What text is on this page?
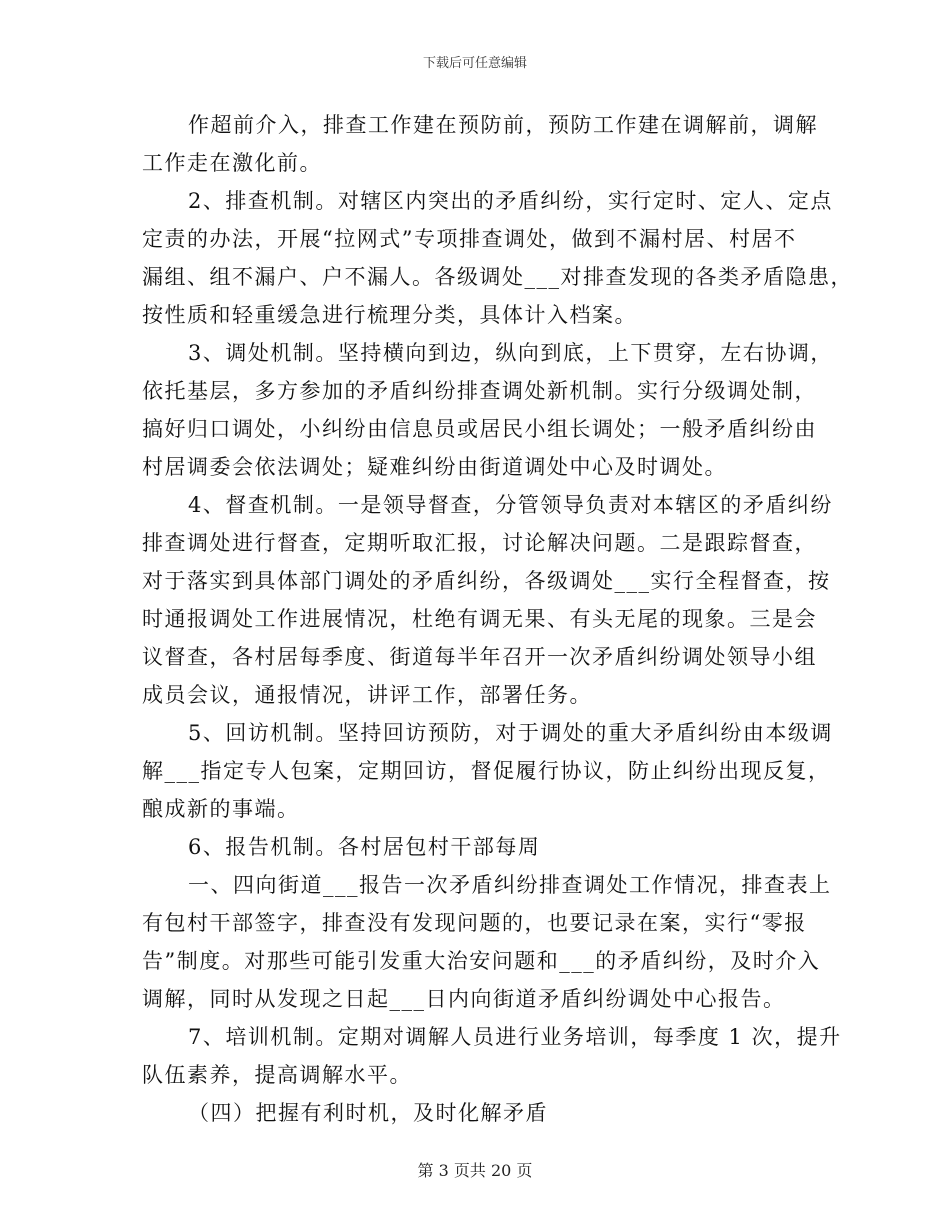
下载后可任意编辑
作超前介入，排查工作建在预防前，预防工作建在调解前，调解
工作走在激化前。
2、排查机制。对辖区内突出的矛盾纠纷，实行定时、定人、定点
定责的办法，开展“拉网式”专项排查调处，做到不漏村居、村居不
漏组、组不漏户、户不漏人。各级调处___对排查发现的各类矛盾隐患，
按性质和轻重缓急进行梳理分类，具体计入档案。
3、调处机制。坚持横向到边，纵向到底，上下贯穿，左右协调，
依托基层，多方参加的矛盾纠纷排查调处新机制。实行分级调处制，
搞好归口调处，小纠纷由信息员或居民小组长调处；一般矛盾纠纷由
村居调委会依法调处；疑难纠纷由街道调处中心及时调处。
4、督查机制。一是领导督查，分管领导负责对本辖区的矛盾纠纷
排查调处进行督查，定期听取汇报，讨论解决问题。二是跟踪督查，
对于落实到具体部门调处的矛盾纠纷，各级调处___实行全程督查，按
时通报调处工作进展情况，杜绝有调无果、有头无尾的现象。三是会
议督查，各村居每季度、街道每半年召开一次矛盾纠纷调处领导小组
成员会议，通报情况，讲评工作，部署任务。
5、回访机制。坚持回访预防，对于调处的重大矛盾纠纷由本级调
解___指定专人包案，定期回访，督促履行协议，防止纠纷出现反复，
酿成新的事端。
6、报告机制。各村居包村干部每周
一、四向街道___报告一次矛盾纠纷排查调处工作情况，排查表上
有包村干部签字，排查没有发现问题的，也要记录在案，实行“零报
告”制度。对那些可能引发重大治安问题和___的矛盾纠纷，及时介入
调解，同时从发现之日起___日内向街道矛盾纠纷调处中心报告。
7、培训机制。定期对调解人员进行业务培训，每季度 1 次，提升
队伍素养，提高调解水平。
（四）把握有利时机，及时化解矛盾
第 3 页共 20 页
